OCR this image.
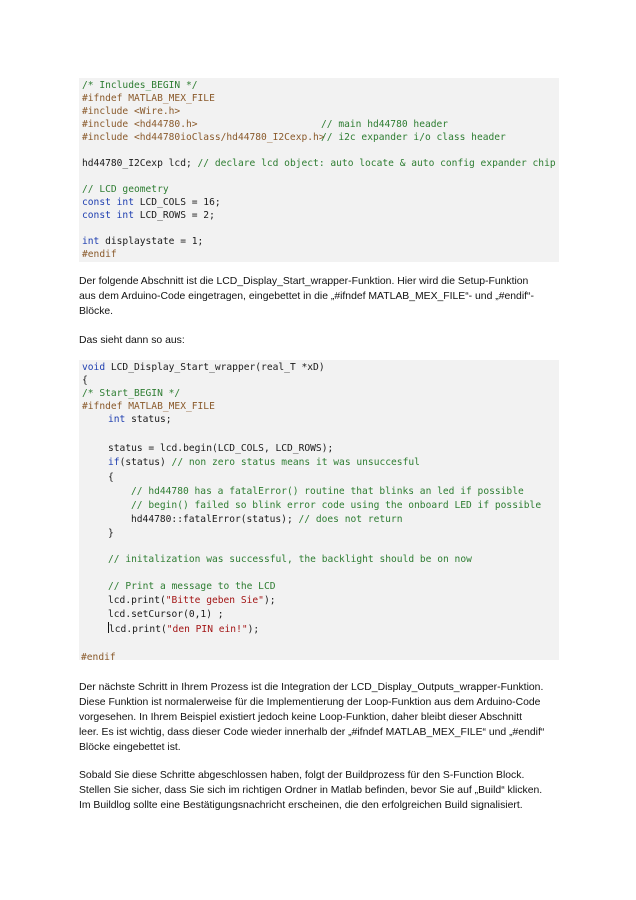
/* Includes_BEGIN */

#ifndef MATLAB_MEX_FILE

#include <Wire.h>

#include <hd44780.h>

	// main hd44780 header

#include <hd44780ioClass/hd44780_I2Cexp.h>

// i2c expander i/o class header

hd44780_I2Cexp lcd; // declare lcd object: auto locate & auto config expander chip

// LCD geometry

const int LCD_COLS = 16;

const int LCD_ROWS = 2;

int displaystate = 1;

#endif

Der folgende Abschnitt ist die LCD_Display_Start_wrapper-Funktion. Hier wird die Setup-Funktion
aus dem Arduino-Code eingetragen, eingebettet in die „#ifndef MATLAB_MEX_FILE“- und „#endif“-
Blöcke.
Das sieht dann so aus:

void LCD_Display_Start_wrapper(real_T *xD)

{

/* Start_BEGIN */

#ifndef MATLAB_MEX_FILE

int status;

status = lcd.begin(LCD_COLS, LCD_ROWS);

if(status) // non zero status means it was unsuccesful

{

// hd44780 has a fatalError() routine that blinks an led if possible

// begin() failed so blink error code using the onboard LED if possible

hd44780::fatalError(status); // does not return

}

// initalization was successful, the backlight should be on now

// Print a message to the LCD

lcd.print("Bitte geben Sie");

lcd.setCursor(0,1) ;

lcd.print("den PIN ein!");

#endif
Der nächste Schritt in Ihrem Prozess ist die Integration der LCD_Display_Outputs_wrapper-Funktion.
Diese Funktion ist normalerweise für die Implementierung der Loop-Funktion aus dem Arduino-Code
vorgesehen. In Ihrem Beispiel existiert jedoch keine Loop-Funktion, daher bleibt dieser Abschnitt
leer. Es ist wichtig, dass dieser Code wieder innerhalb der „#ifndef MATLAB_MEX_FILE“ und „#endif“
Blöcke eingebettet ist.
Sobald Sie diese Schritte abgeschlossen haben, folgt der Buildprozess für den S-Function Block.
Stellen Sie sicher, dass Sie sich im richtigen Ordner in Matlab befinden, bevor Sie auf „Build“ klicken.
Im Buildlog sollte eine Bestätigungsnachricht erscheinen, die den erfolgreichen Build signalisiert.
